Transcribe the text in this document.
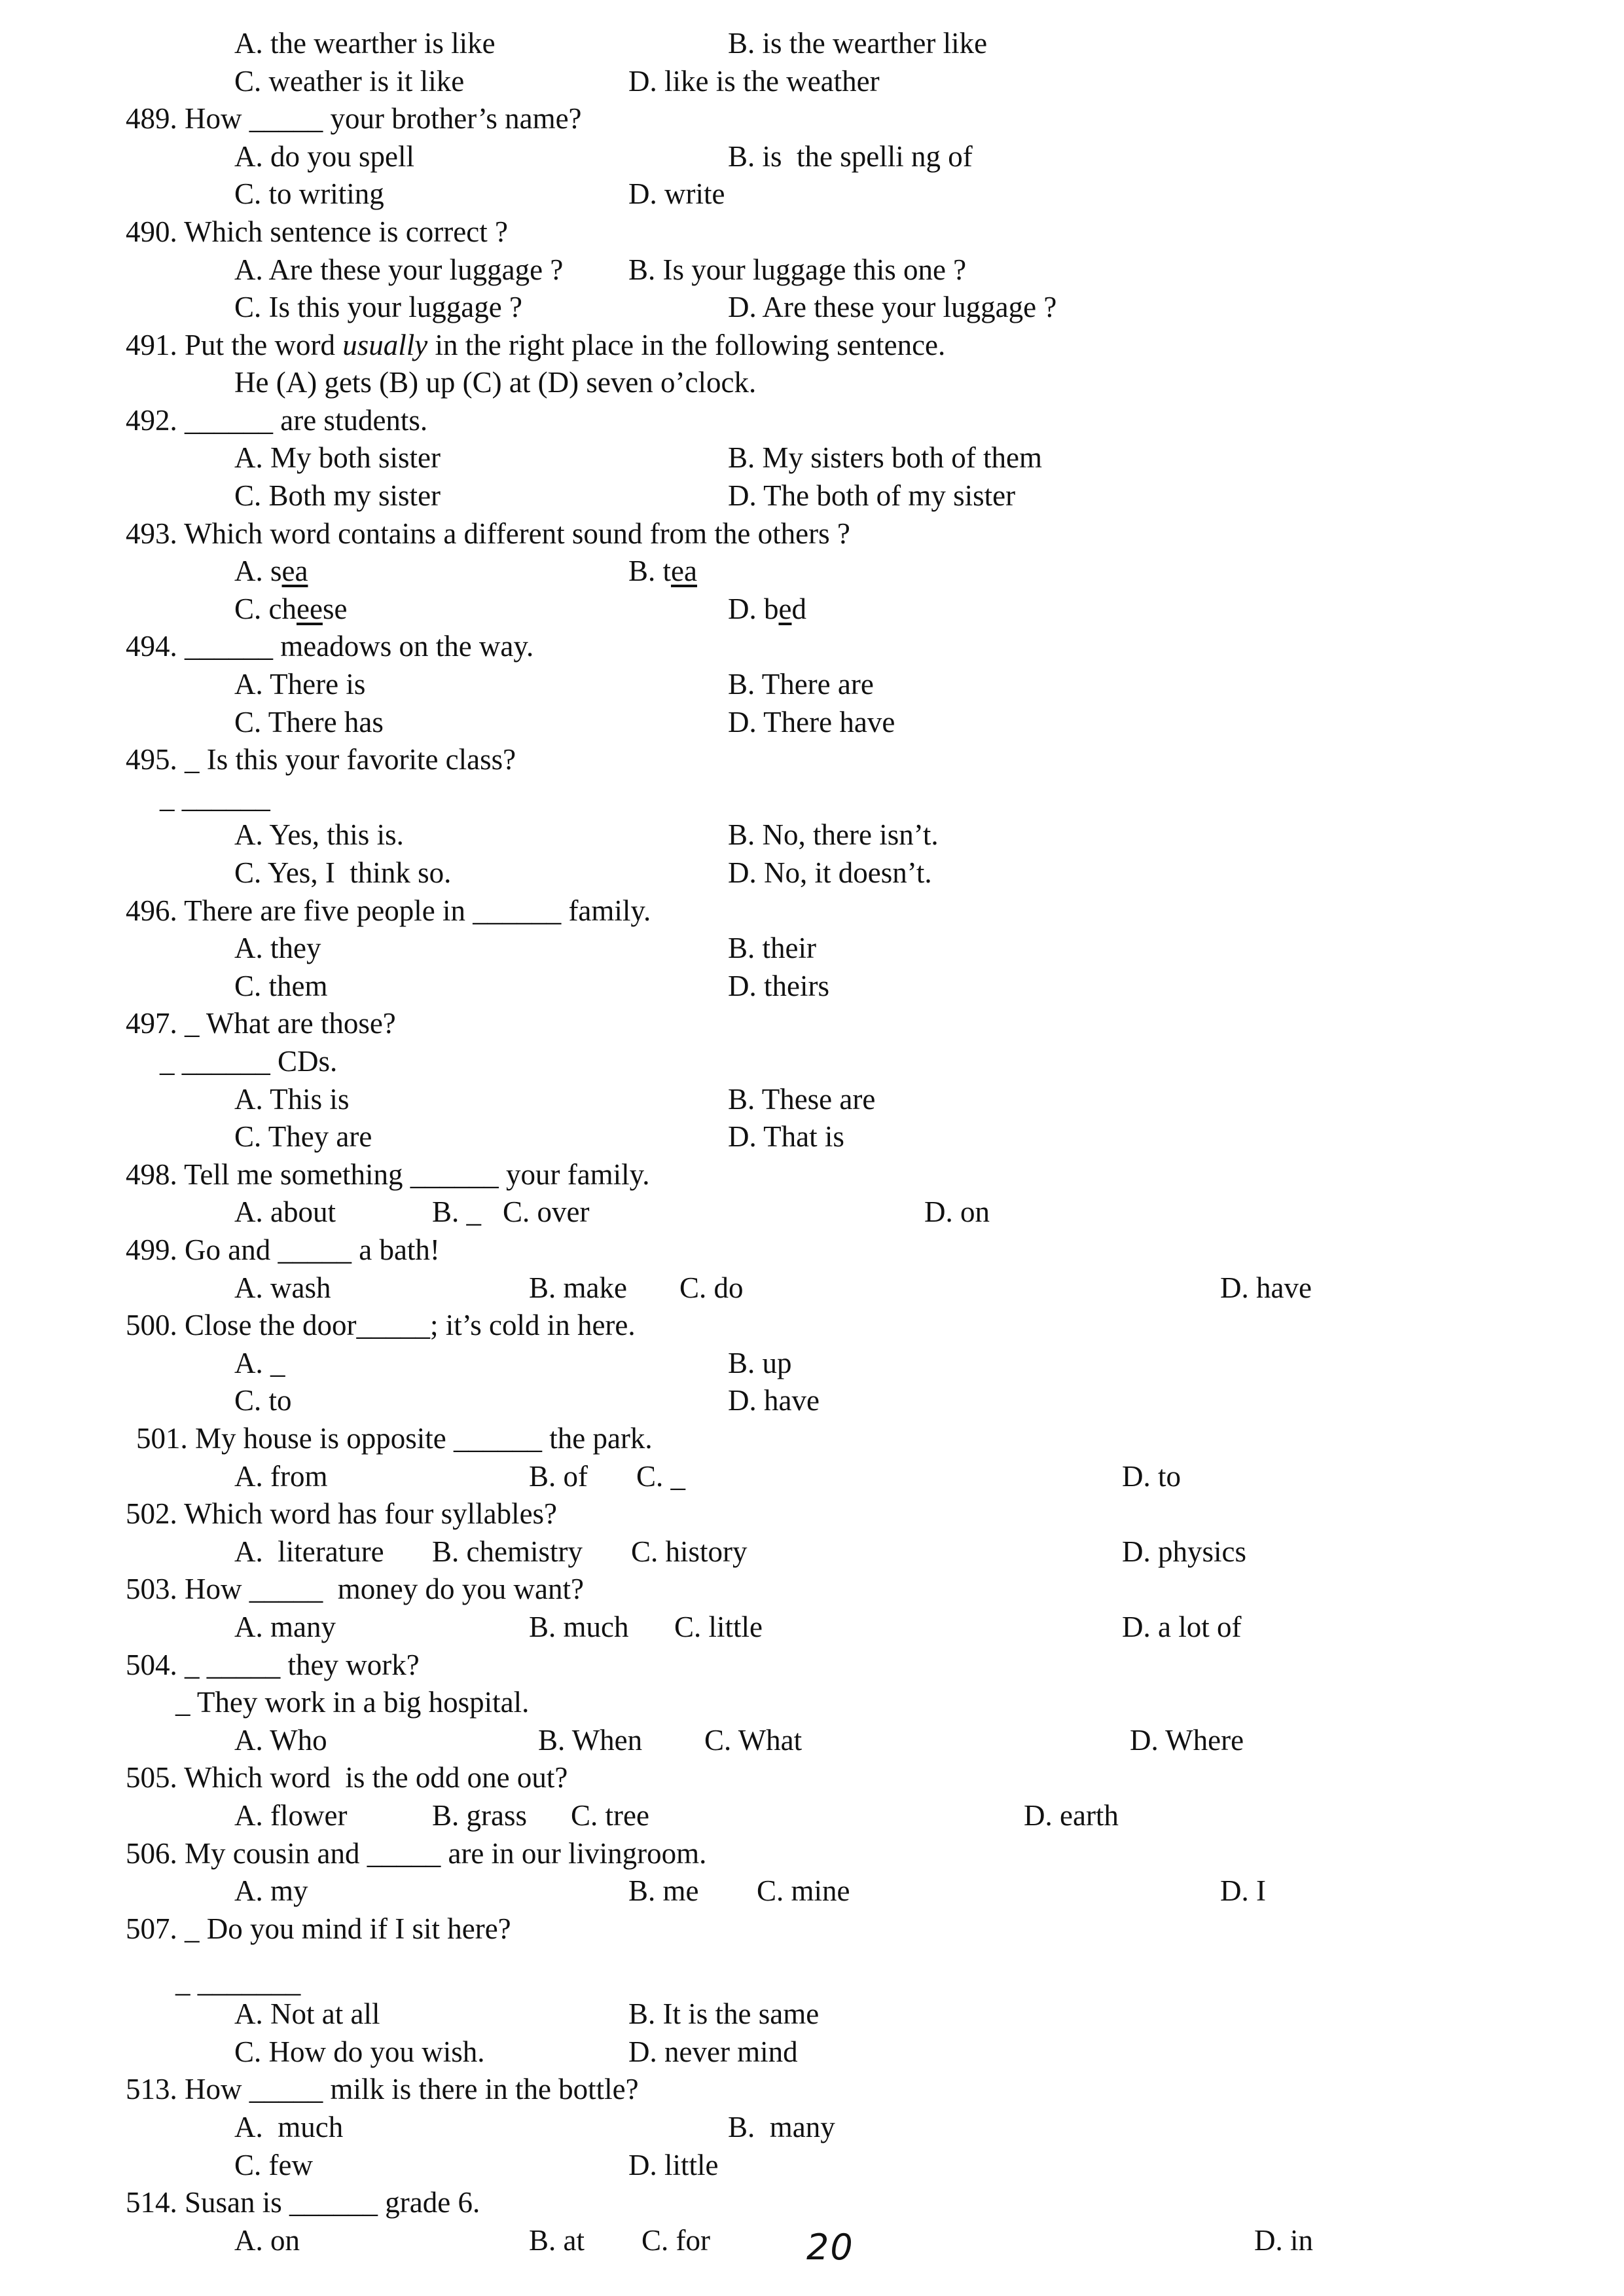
A. the wearther is like	B. is the wearther like
C. weather is it like	D. like is the weather
489. How _____ your brother’s name?
A. do you spell	B. is  the spelli ng of
C. to writing	D. write
490. Which sentence is correct ?
A. Are these your luggage ? B. Is your luggage this one ?
C. Is this your luggage ?	D. Are these your luggage ?
491. Put the word usually in the right place in the following sentence.
He (A) gets (B) up (C) at (D) seven o’clock.
492. ______ are students.
A. My both sister	B. My sisters both of them
C. Both my sister	D. The both of my sister
493. Which word contains a different sound from the others ?
A. sea	B. tea
C. cheese	D. bed
494. ______ meadows on the way.
A. There is	B. There are
C. There has	D. There have
495. _ Is this your favorite class?
_ ______
A. Yes, this is.	B. No, there isn’t.
C. Yes, I  think so.	D. No, it doesn’t.
496. There are five people in ______ family.
A. they	B. their
C. them	D. theirs
497. _ What are those?
_ ______ CDs.
A. This is	B. These are
C. They are	D. That is
498. Tell me something ______ your family.
A. about	B. _ C. over	D. on
499. Go and _____ a bath!
A. wash	B. make C. do	D. have
500. Close the door_____; it’s cold in here.
A. _	B. up
C. to	D. have
501. My house is opposite ______ the park.
A. from	B. of C. _	D. to
502. Which word has four syllables?
A.  literature B. chemistry C. history	D. physics
503. How _____  money do you want?
A. many	B. much C. little	D. a lot of
504. _ _____ they work?
_ They work in a big hospital.
A. Who	B. When C. What	D. Where
505. Which word  is the odd one out?
A. flower	B. grass C. tree	D. earth
506. My cousin and _____ are in our livingroom.
A. my	B. me C. mine	D. I
507. _ Do you mind if I sit here?
_ _______
A. Not at all	B. It is the same
C. How do you wish.	D. never mind
513. How _____ milk is there in the bottle?
A.  much	B.  many
C. few	D. little
514. Susan is ______ grade 6.
A. on	B. at C. for	D. in
20
